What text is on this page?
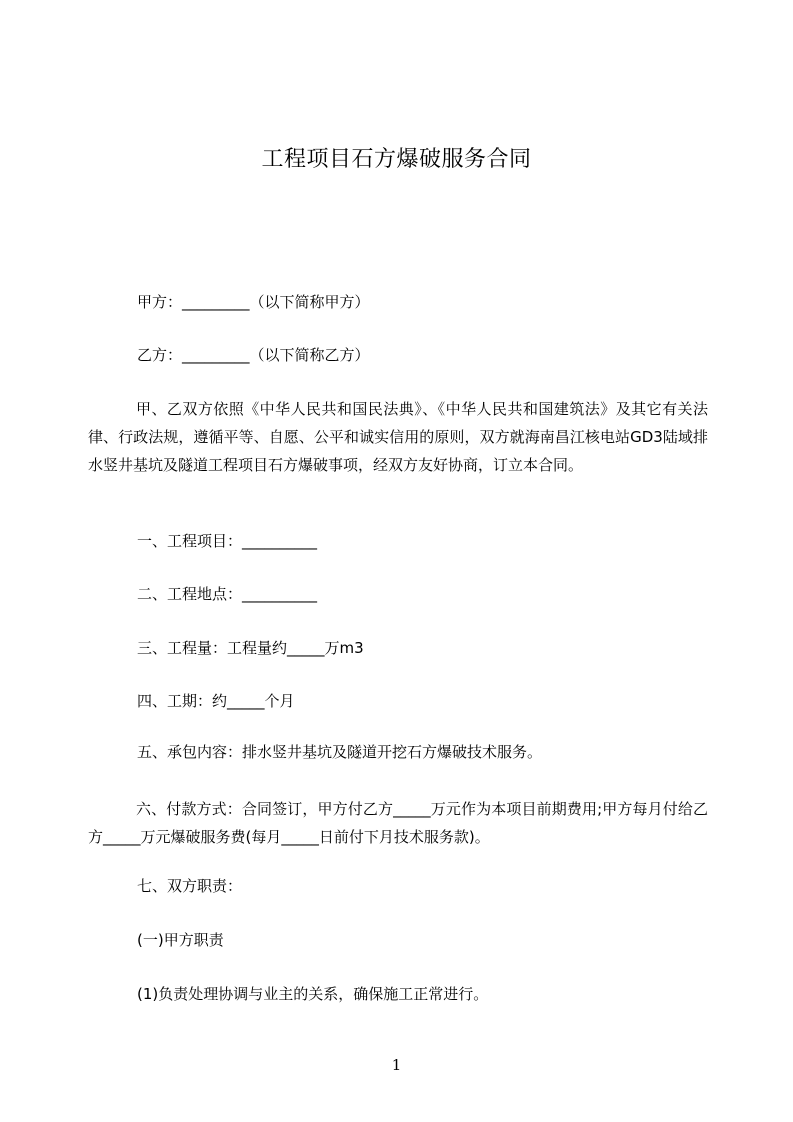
工程项目石方爆破服务合同
甲方：_________（以下简称甲方）
乙方：_________（以下简称乙方）
甲、乙双方依照《中华人民共和国民法典》、《中华人民共和国建筑法》及其它有关法律、行政法规，遵循平等、自愿、公平和诚实信用的原则，双方就海南昌江核电站GD3陆域排水竖井基坑及隧道工程项目石方爆破事项，经双方友好协商，订立本合同。
一、工程项目：__________
二、工程地点：__________
三、工程量：工程量约_____万m3
四、工期：约_____个月
五、承包内容：排水竖井基坑及隧道开挖石方爆破技术服务。
六、付款方式：合同签订，甲方付乙方_____万元作为本项目前期费用;甲方每月付给乙方_____万元爆破服务费(每月_____日前付下月技术服务款)。
七、双方职责：
(一)甲方职责
(1)负责处理协调与业主的关系，确保施工正常进行。
1
